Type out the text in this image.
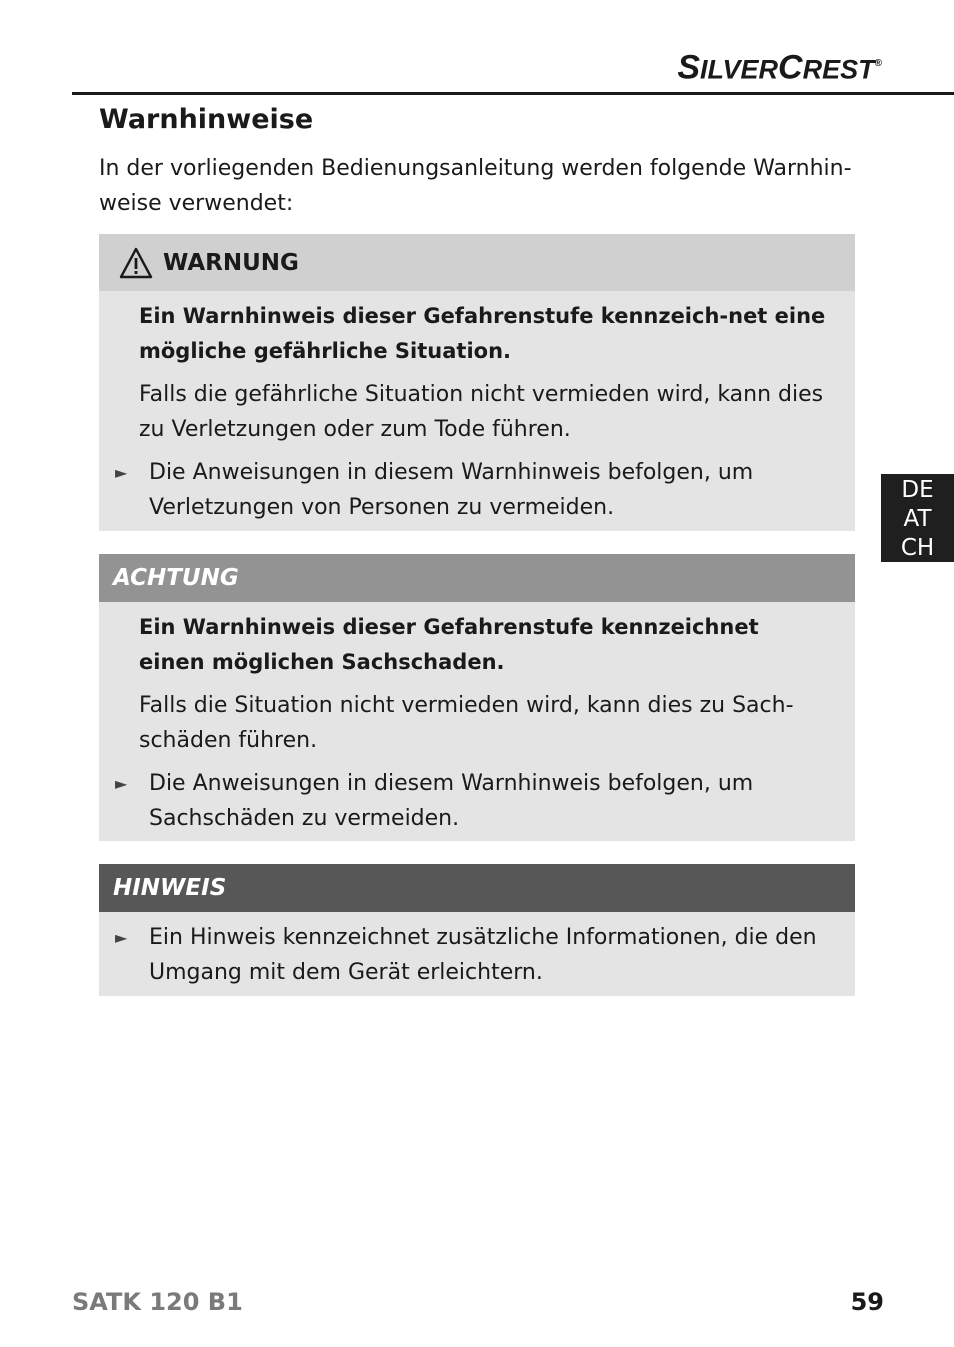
SILVERCREST®
Warnhinweise

In der vorliegenden Bedienungsanleitung werden folgende Warnhin-weise verwendet:

WARNUNG

Ein Warnhinweis dieser Gefahrenstufe kennzeich-net eine mögliche gefährliche Situation.

Falls die gefährliche Situation nicht vermieden wird, kann dies zu Verletzungen oder zum Tode führen.

► Die Anweisungen in diesem Warnhinweis befolgen, um Verletzungen von Personen zu vermeiden.
ACHTUNG

Ein Warnhinweis dieser Gefahrenstufe kennzeichnet einen möglichen Sachschaden.

Falls die Situation nicht vermieden wird, kann dies zu Sach-schäden führen.

► Die Anweisungen in diesem Warnhinweis befolgen, um Sachschäden zu vermeiden.
HINWEIS
► Ein Hinweis kennzeichnet zusätzliche Informationen, die den Umgang mit dem Gerät erleichtern.
DE
AT
CH
SATK 120 B1	59
